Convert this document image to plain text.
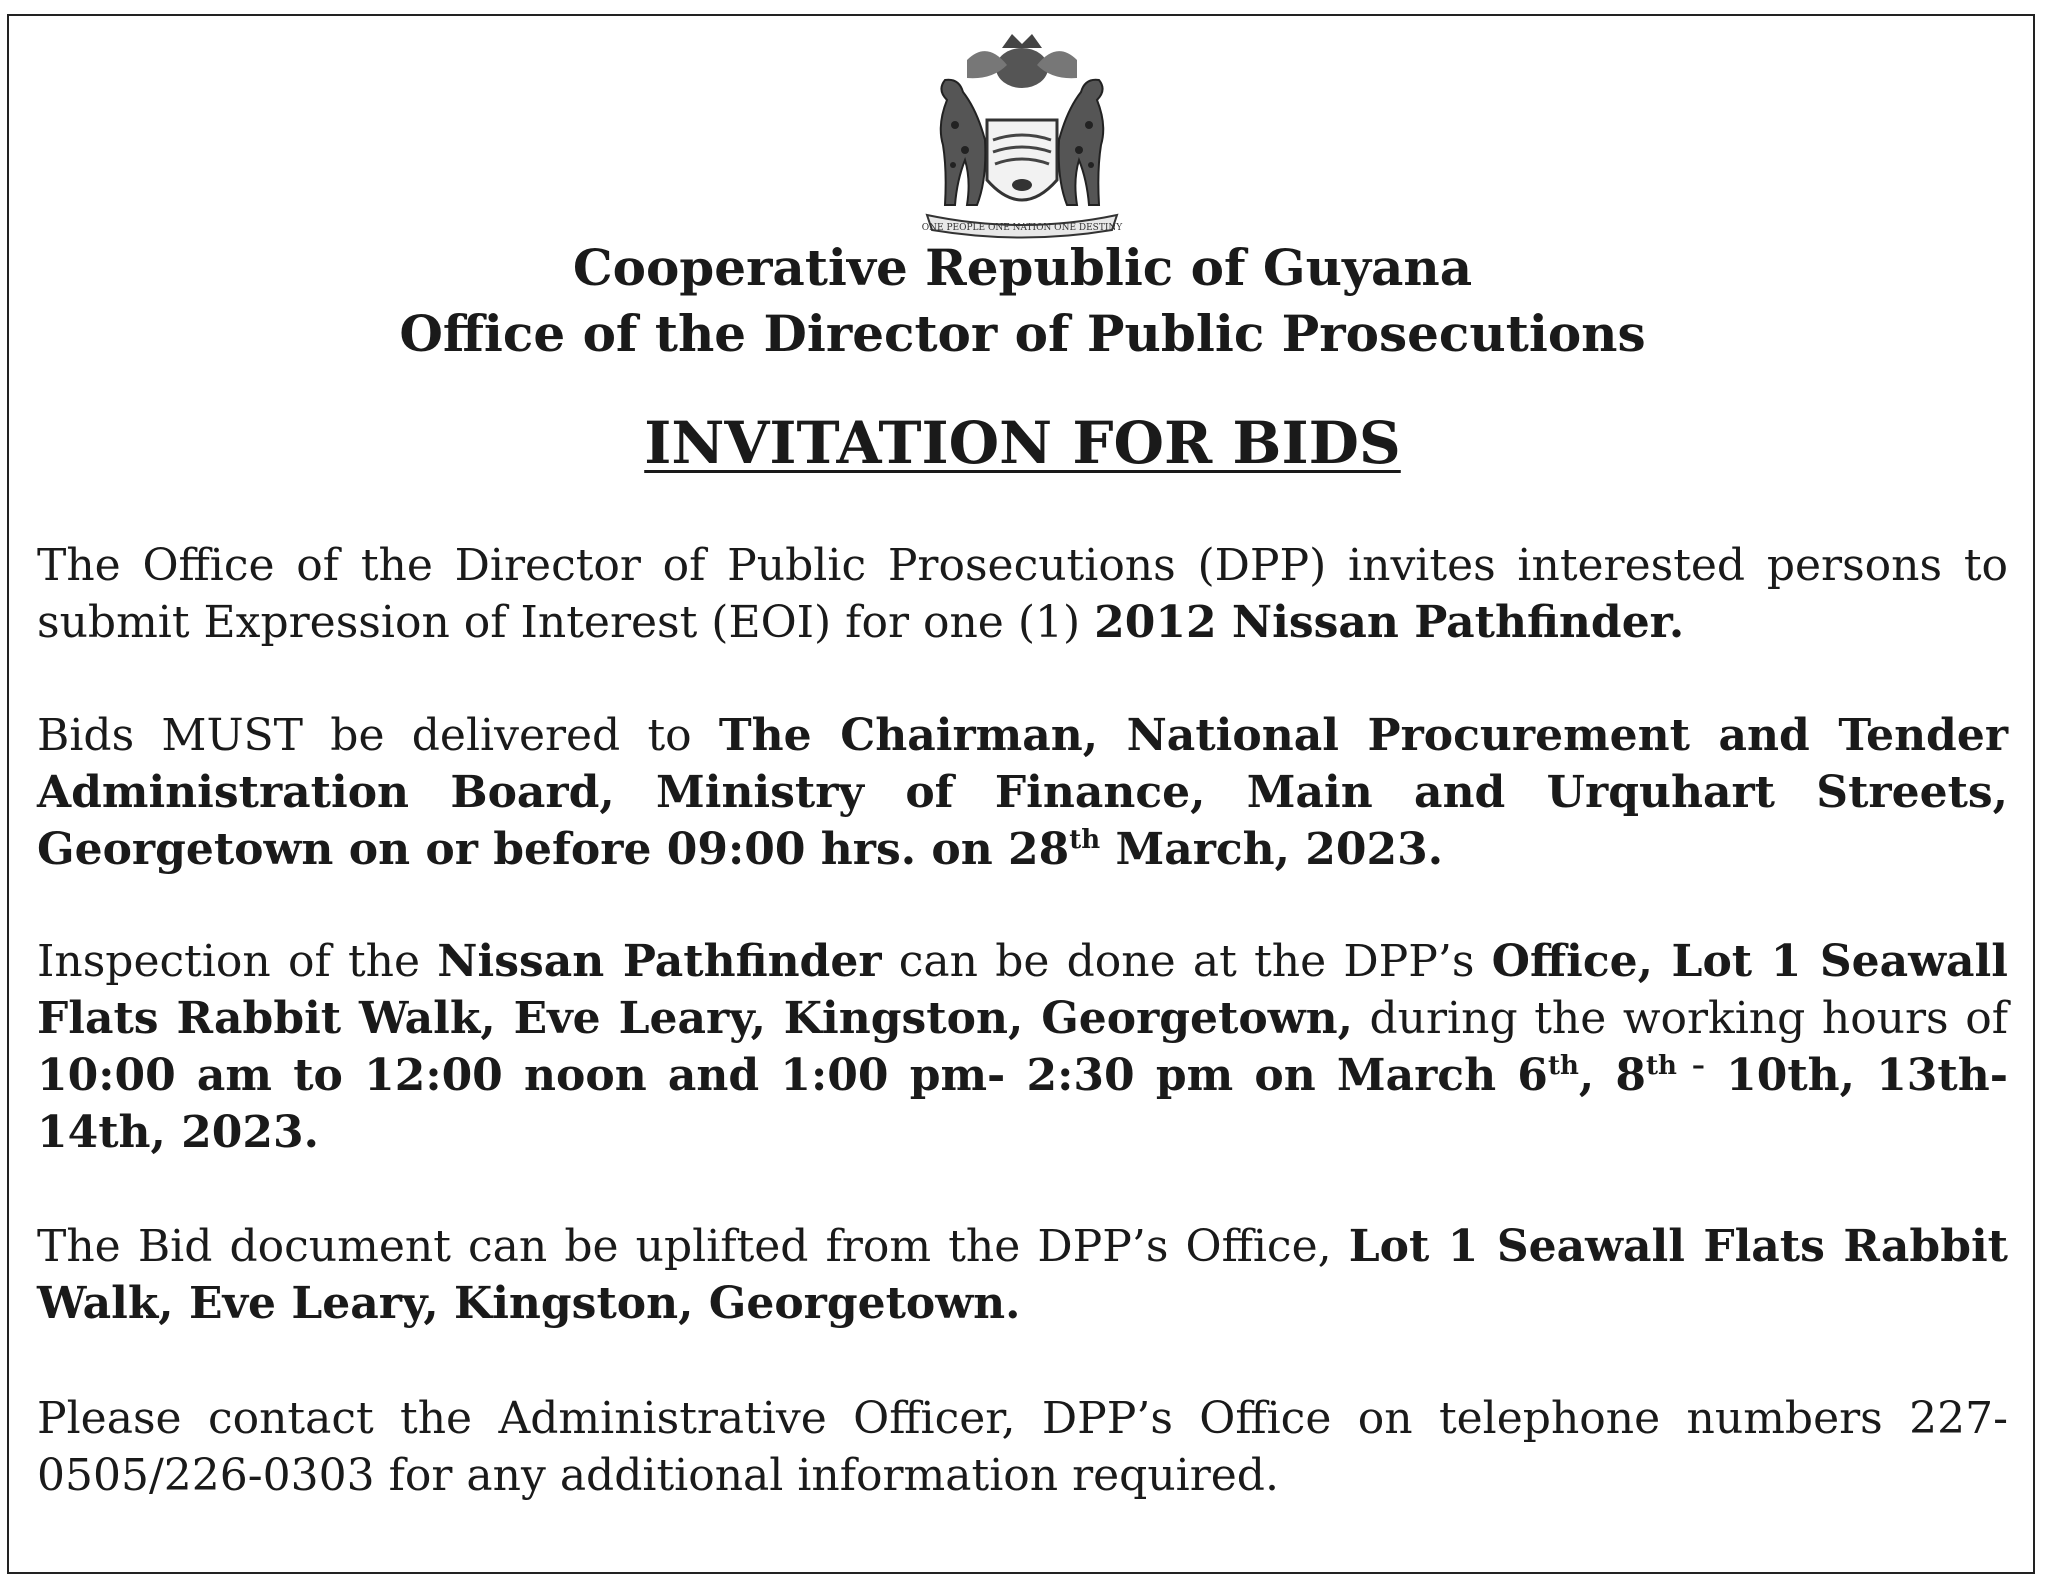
ONE PEOPLE ONE NATION ONE DESTINY
Cooperative Republic of Guyana
Office of the Director of Public Prosecutions
INVITATION FOR BIDS

The Office of the Director of Public Prosecutions (DPP) invites interested persons to submit Expression of Interest (EOI) for one (1) 2012 Nissan Pathfinder.

Bids MUST be delivered to The Chairman, National Procurement and Tender Administration Board, Ministry of Finance, Main and Urquhart Streets, Georgetown on or before 09:00 hrs. on 28th March, 2023.

Inspection of the Nissan Pathfinder can be done at the DPP’s Office, Lot 1 Seawall Flats Rabbit Walk, Eve Leary, Kingston, Georgetown, during the working hours of 10:00 am to 12:00 noon and 1:00 pm- 2:30 pm on March 6th, $8^{th -}$ 10th, 13th-14th, 2023.

The Bid document can be uplifted from the DPP’s Office, Lot 1 Seawall Flats Rabbit Walk, Eve Leary, Kingston, Georgetown.

Please contact the Administrative Officer, DPP’s Office on telephone numbers 227-0505/226-0303 for any additional information required.
